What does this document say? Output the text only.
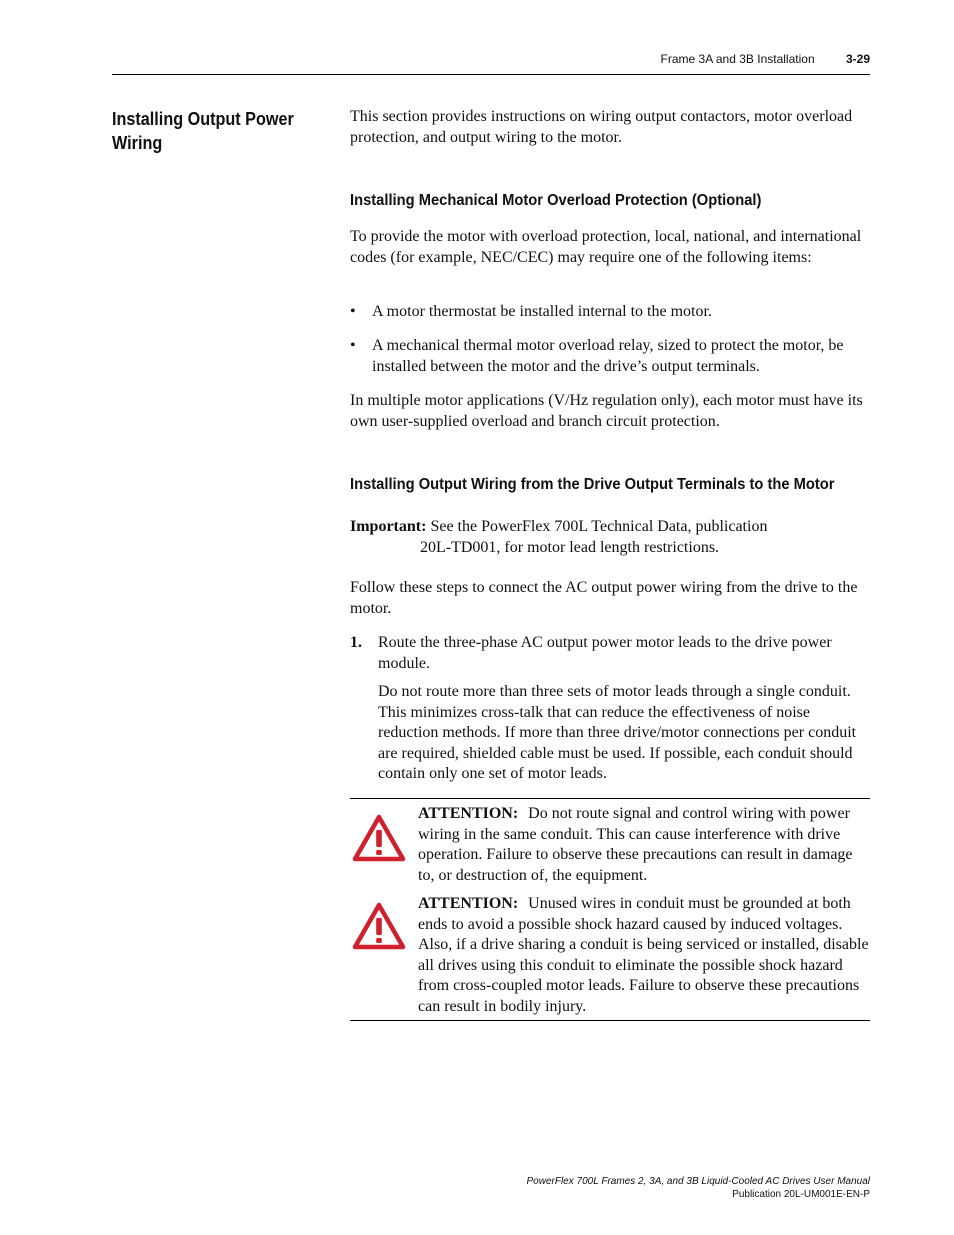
Frame 3A and 3B Installation	3-29
Installing Output Power Wiring

This section provides instructions on wiring output contactors, motor overload protection, and output wiring to the motor.

Installing Mechanical Motor Overload Protection (Optional)

To provide the motor with overload protection, local, national, and international codes (for example, NEC/CEC) may require one of the following items:

• A motor thermostat be installed internal to the motor.
• A mechanical thermal motor overload relay, sized to protect the motor, be installed between the motor and the drive’s output terminals.

In multiple motor applications (V/Hz regulation only), each motor must have its own user-supplied overload and branch circuit protection.

Installing Output Wiring from the Drive Output Terminals to the Motor
Important: See the PowerFlex 700L Technical Data, publication
20L-TD001, for motor lead length restrictions.

Follow these steps to connect the AC output power wiring from the drive to the motor.

1. Route the three-phase AC output power motor leads to the drive power module.
Do not route more than three sets of motor leads through a single conduit. This minimizes cross-talk that can reduce the effectiveness of noise reduction methods. If more than three drive/motor connections per conduit are required, shielded cable must be used. If possible, each conduit should contain only one set of motor leads.
ATTENTION: Do not route signal and control wiring with power wiring in the same conduit. This can cause interference with drive operation. Failure to observe these precautions can result in damage to, or destruction of, the equipment.
ATTENTION: Unused wires in conduit must be grounded at both ends to avoid a possible shock hazard caused by induced voltages. Also, if a drive sharing a conduit is being serviced or installed, disable all drives using this conduit to eliminate the possible shock hazard from cross-coupled motor leads. Failure to observe these precautions can result in bodily injury.
PowerFlex 700L Frames 2, 3A, and 3B Liquid-Cooled AC Drives User Manual
Publication 20L-UM001E-EN-P
